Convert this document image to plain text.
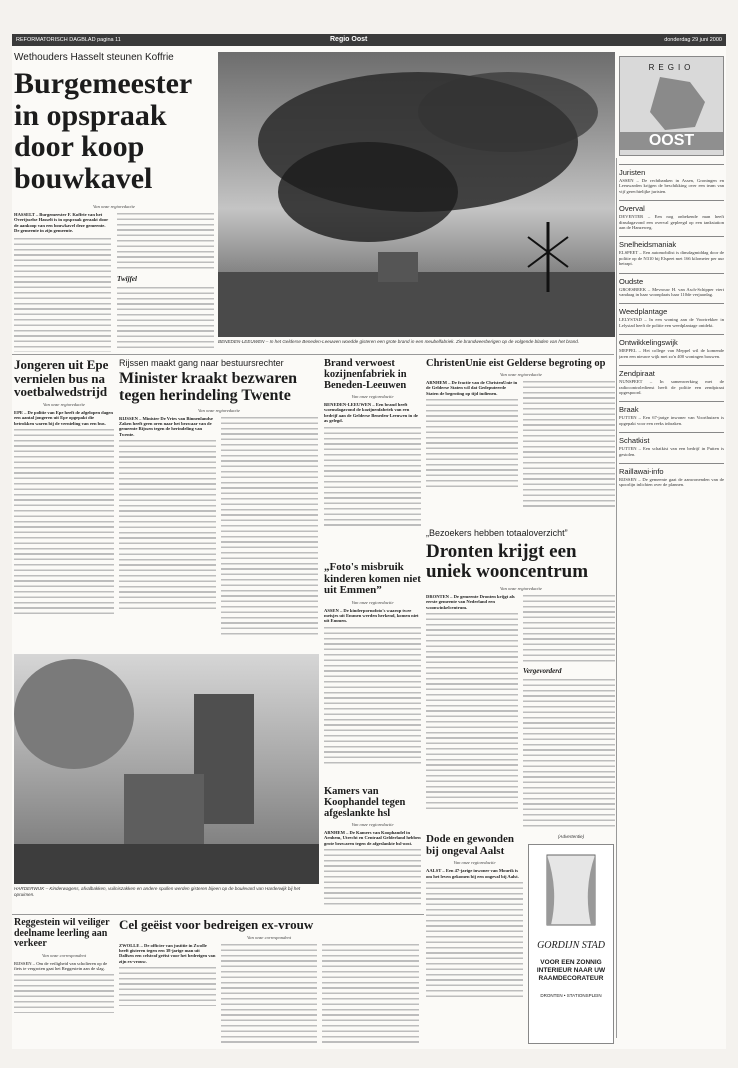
REFORMATORISCH DAGBLAD pagina 11	Regio Oost	donderdag 29 juni 2000
Wethouders Hasselt steunen Koffrie
Burgemeester in opspraak door koop bouwkavel
Van onze regioredactie

HASSELT – Burgemeester F. Koffrie van het Overijsselse Hasselt is in opspraak geraakt door de aankoop van een bouwkavel deze gemeente. De gemeente in zijn gemeente.

Twijfel

BENEDEN-LEEUWEN – In het Gelderse Beneden-Leeuwen woedde gisteren een grote brand in een meubelfabriek. Zie brandweerberigen op de volgende bladen van het brand.
REGIO
OOST
Juristen

ASSEN – De rechtbanken in Assen, Groningen en Leeuwarden krijgen de beschikking over een team van vijf gerechtelijke juristen.

Overval

DEVENTER – Een nog onbekende man heeft dinsdagavond een overval gepleegd op een tankstation aan de Hanzeweg.

Snelheidsmaniak

ELSPEET – Een automobilist is dinsdagmiddag door de politie op de N310 bij Elspeet met 166 kilometer per uur betrapt.

Oudste

GROESBEEK – Mevrouw H. van Asch-Schipper viert vandaag in haar woonplaats haar 110de verjaardag.

Weedplantage

LELYSTAD – In een woning aan de Voortrekker in Lelystad heeft de politie een weedplantage ontdekt.

Ontwikkelingswijk

MEPPEL – Het college van Meppel wil de komende jaren een nieuwe wijk met zo'n 400 woningen bouwen.

Zendpiraat

NUNSPEET – In samenwerking met de radiocontroledienst heeft de politie een zendpiraat opgespoord.

Braak

PUTTEN – Een 67-jarige inwoner van Voorthuizen is opgepakt voor een reeks inbraken.

Schatkist

PUTTEN – Een schatkist van een bedrijf in Putten is gestolen.

Raillawai-info

RIJSSEN – De gemeente gaat de aanwonenden van de spoorlijn inlichten over de plannen.

Jongeren uit Epe vernielen bus na voetbalwedstrijd
Van onze regioredactie

EPE – De politie van Epe heeft de afgelopen dagen een aantal jongeren uit Epe opgepakt die betrokken waren bij de vernieling van een bus.

Rijssen maakt gang naar bestuursrechter
Minister kraakt bezwaren tegen herindeling Twente
Van onze regioredactie

RIJSSEN – Minister De Vries van Binnenlandse Zaken heeft geen oren naar het bezwaar van de gemeente Rijssen tegen de herindeling van Twente.

Brand verwoest kozijnenfabriek in Beneden-Leeuwen
Van onze regioredactie

BENEDEN-LEEUWEN – Een brand heeft woensdagavond de kozijnenfabriek van een bedrijf aan de Gelderse Beneden-Leeuwen in de as gelegd.

ChristenUnie eist Gelderse begroting op
Van onze regioredactie

ARNHEM – De fractie van de ChristenUnie in de Gelderse Staten wil dat Gedeputeerde Staten de begroting op tijd indienen.

„Foto's misbruik kinderen komen niet uit Emmen”
Van onze regioredactie

ASSEN – De kinderpornofoto's waarop twee meisjes uit Emmen werden herkend, komen niet uit Emmen.

„Bezoekers hebben totaaloverzicht”
Dronten krijgt een uniek wooncentrum
Van onze regioredactie

DRONTEN – De gemeente Dronten krijgt als eerste gemeente van Nederland een woonwinkelcentrum.

Vergevorderd

HARDERWIJK – Kinderwagens, afvalbakken, vuilniszakken en andere spullen werden gisteren bijeen op de boulevard van Harderwijk bij het opruimen.
Kamers van Koophandel tegen afgeslankte hsl
Van onze regioredactie

ARNHEM – De Kamers van Koophandel in Arnhem, Utrecht en Centraal Gelderland hebben grote bezwaren tegen de afgeslankte hsl-oost.

Reggestein wil veiliger deelname leerling aan verkeer
Van onze correspondent

RIJSSEN – Om de veiligheid van scholieren op de fiets te vergroten gaat het Reggestein aan de slag.

Cel geëist voor bedreigen ex-vrouw
Van onze correspondent

ZWOLLE – De officier van justitie in Zwolle heeft gisteren tegen een 38-jarige man uit Dalfsen een celstraf geëist voor het bedreigen van zijn ex-vrouw.

Dode en gewonden bij ongeval Aalst
Van onze regioredactie

AALST – Een 47-jarige inwoner van Mourik is om het leven gekomen bij een ongeval bij Aalst.

(Advertentie)
GORDIJN STAD
VOOR EEN ZONNIG INTERIEUR NAAR UW RAAMDECORATEUR
DRONTEN • STATIONSPLEIN
